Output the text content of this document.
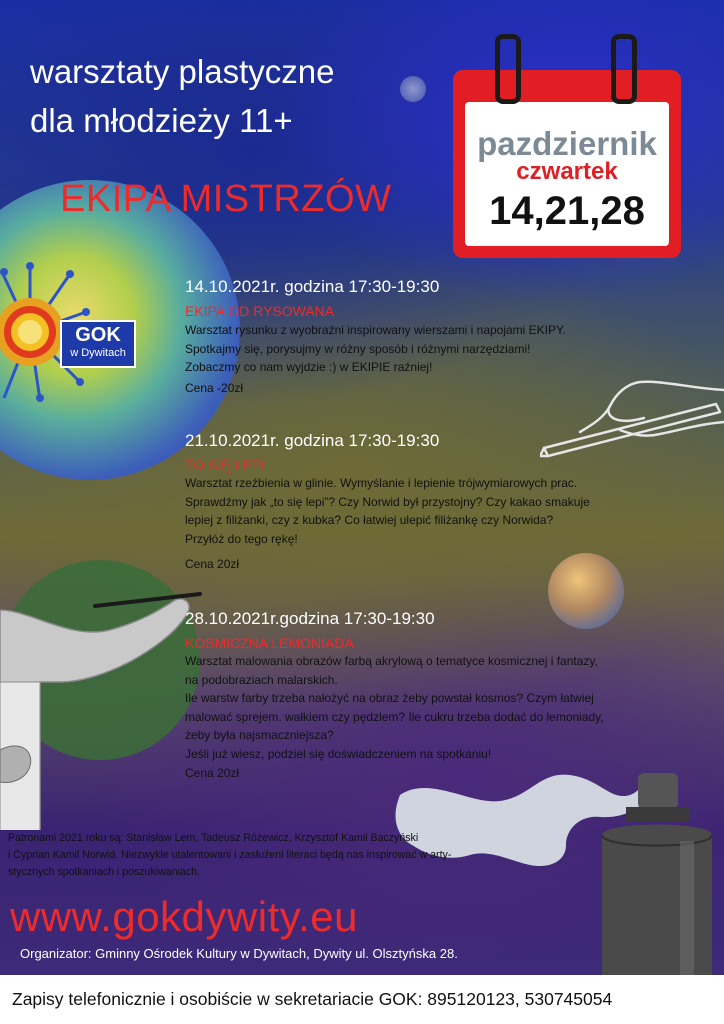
GOK
w Dywitach

warsztaty plastyczne

dla młodzieży 11+

EKIPA MISTRZÓW

pazdziernik
czwartek
14,21,28

14.10.2021r. godzina 17:30-19:30

EKIPA OD RYSOWANA

Warsztat rysunku z wyobraźni inspirowany wierszami i napojami EKIPY.
Spotkajmy się, porysujmy w różny sposób i różnymi narzędziami!
Zobaczmy co nam wyjdzie :) w EKIPIE raźniej!

Cena -20zł

21.10.2021r. godzina 17:30-19:30

TO SIĘ LEPI

Warsztat rzeźbienia w glinie. Wymyślanie i lepienie trójwymiarowych prac.
Sprawdźmy jak „to się lepi”? Czy Norwid był przystojny? Czy kakao smakuje
lepiej z filiżanki, czy z kubka? Co łatwiej ulepić filiżankę czy Norwida?
Przyłóż do tego rękę!

Cena 20zł

28.10.2021r.godzina 17:30-19:30

KOSMICZNA LEMONIADA

Warsztat malowania obrazów farbą akrylową o tematyce kosmicznej i fantazy,
na podobraziach malarskich.
Ile warstw farby trzeba nałożyć na obraz żeby powstał kosmos? Czym łatwiej
malować sprejem. wałkiem czy pędzlem? Ile cukru trzeba dodać do lemoniady,
żeby była najsmaczniejsza?
Jeśli już wiesz, podziel się doświadczeniem na spotkaniu!

Cena 20zł

Patronami 2021 roku są: Stanisław Lem, Tadeusz Różewicz, Krzysztof Kamil Baczyński
i Cyprian Kamil Norwid. Niezwykle utalentowani i zasłużeni literaci będą nas inspirować w arty-
stycznych spotkaniach i poszukiwaniach.

www.gokdywity.eu

Organizator: Gminny Ośrodek Kultury w Dywitach, Dywity ul. Olsztyńska 28.

Zapisy telefonicznie i osobiście w sekretariacie GOK: 895120123, 530745054
